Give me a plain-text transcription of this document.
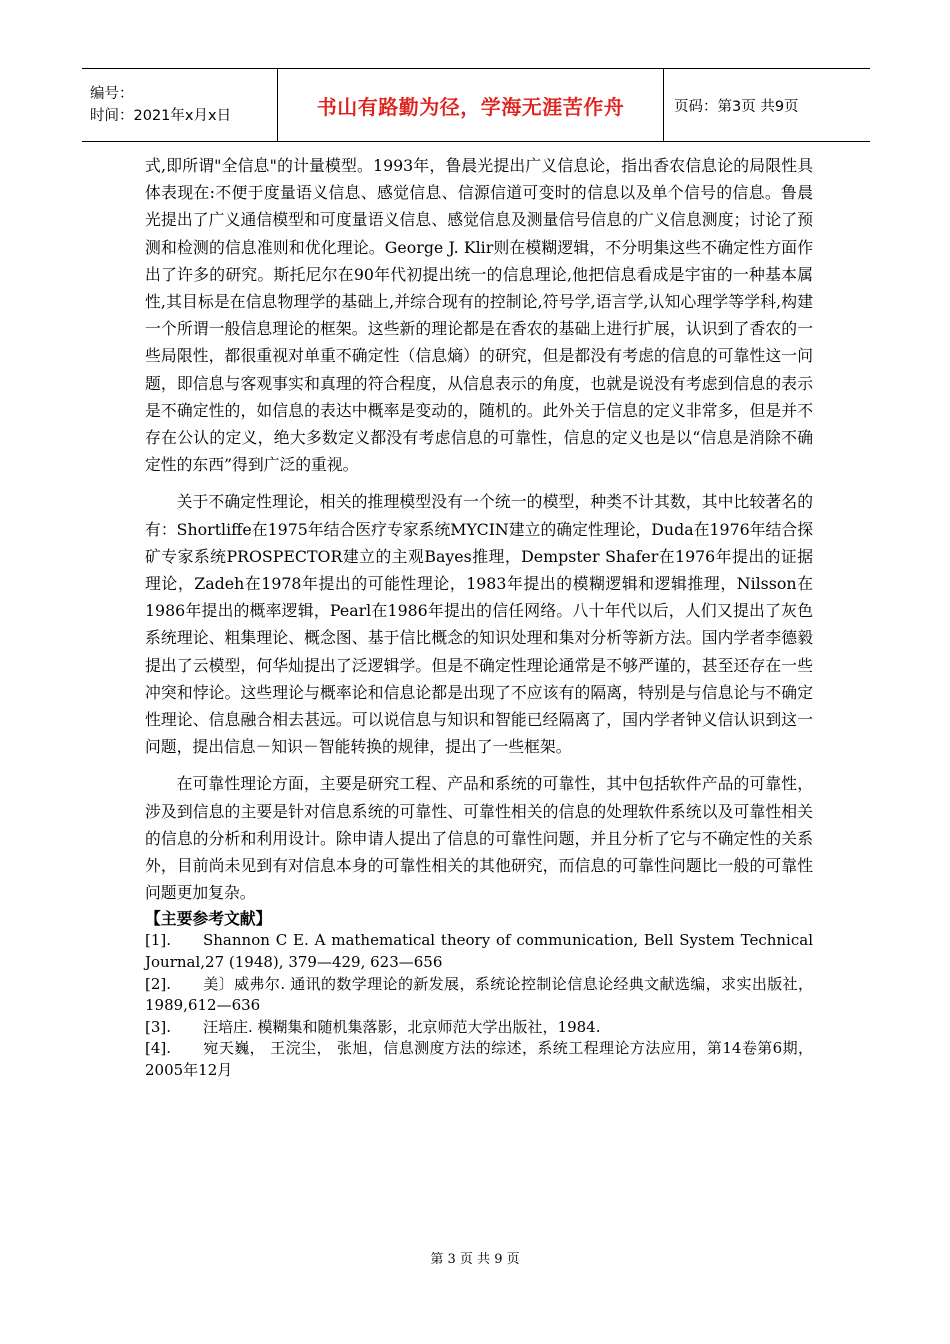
编号：
时间：2021年x月x日	书山有路勤为径，学海无涯苦作舟	页码：第3页 共9页

式,即所谓"全信息"的计量模型。1993年，鲁晨光提出广义信息论，指出香农信息论的局限性具体表现在:不便于度量语义信息、感觉信息、信源信道可变时的信息以及单个信号的信息。鲁晨光提出了广义通信模型和可度量语义信息、感觉信息及测量信号信息的广义信息测度；讨论了预测和检测的信息准则和优化理论。George J. Klir则在模糊逻辑，不分明集这些不确定性方面作出了许多的研究。斯托尼尔在90年代初提出统一的信息理论,他把信息看成是宇宙的一种基本属性,其目标是在信息物理学的基础上,并综合现有的控制论,符号学,语言学,认知心理学等学科,构建一个所谓一般信息理论的框架。这些新的理论都是在香农的基础上进行扩展，认识到了香农的一些局限性，都很重视对单重不确定性（信息熵）的研究，但是都没有考虑的信息的可靠性这一问题，即信息与客观事实和真理的符合程度，从信息表示的角度，也就是说没有考虑到信息的表示是不确定性的，如信息的表达中概率是变动的，随机的。此外关于信息的定义非常多，但是并不存在公认的定义，绝大多数定义都没有考虑信息的可靠性，信息的定义也是以“信息是消除不确定性的东西”得到广泛的重视。

关于不确定性理论，相关的推理模型没有一个统一的模型，种类不计其数，其中比较著名的有：Shortliffe在1975年结合医疗专家系统MYCIN建立的确定性理论，Duda在1976年结合探矿专家系统PROSPECTOR建立的主观Bayes推理，Dempster Shafer在1976年提出的证据理论，Zadeh在1978年提出的可能性理论，1983年提出的模糊逻辑和逻辑推理，Nilsson在1986年提出的概率逻辑，Pearl在1986年提出的信任网络。八十年代以后，人们又提出了灰色系统理论、粗集理论、概念图、基于信比概念的知识处理和集对分析等新方法。国内学者李德毅提出了云模型，何华灿提出了泛逻辑学。但是不确定性理论通常是不够严谨的，甚至还存在一些冲突和悖论。这些理论与概率论和信息论都是出现了不应该有的隔离，特别是与信息论与不确定性理论、信息融合相去甚远。可以说信息与知识和智能已经隔离了，国内学者钟义信认识到这一问题，提出信息－知识－智能转换的规律，提出了一些框架。

在可靠性理论方面，主要是研究工程、产品和系统的可靠性，其中包括软件产品的可靠性，涉及到信息的主要是针对信息系统的可靠性、可靠性相关的信息的处理软件系统以及可靠性相关的信息的分析和利用设计。除申请人提出了信息的可靠性问题，并且分析了它与不确定性的关系外，目前尚未见到有对信息本身的可靠性相关的其他研究，而信息的可靠性问题比一般的可靠性问题更加复杂。

【主要参考文献】

[1]. Shannon C E. A mathematical theory of communication, Bell System Technical Journal,27 (1948), 379—429, 623—656

[2]. 美〕威弗尔. 通讯的数学理论的新发展，系统论控制论信息论经典文献选编，求实出版社，1989,612—636

[3]. 汪培庄. 模糊集和随机集落影，北京师范大学出版社，1984.

[4]. 宛天巍， 王浣尘， 张旭，信息测度方法的综述，系统工程理论方法应用，第14卷第6期，2005年12月

第 3 页 共 9 页
